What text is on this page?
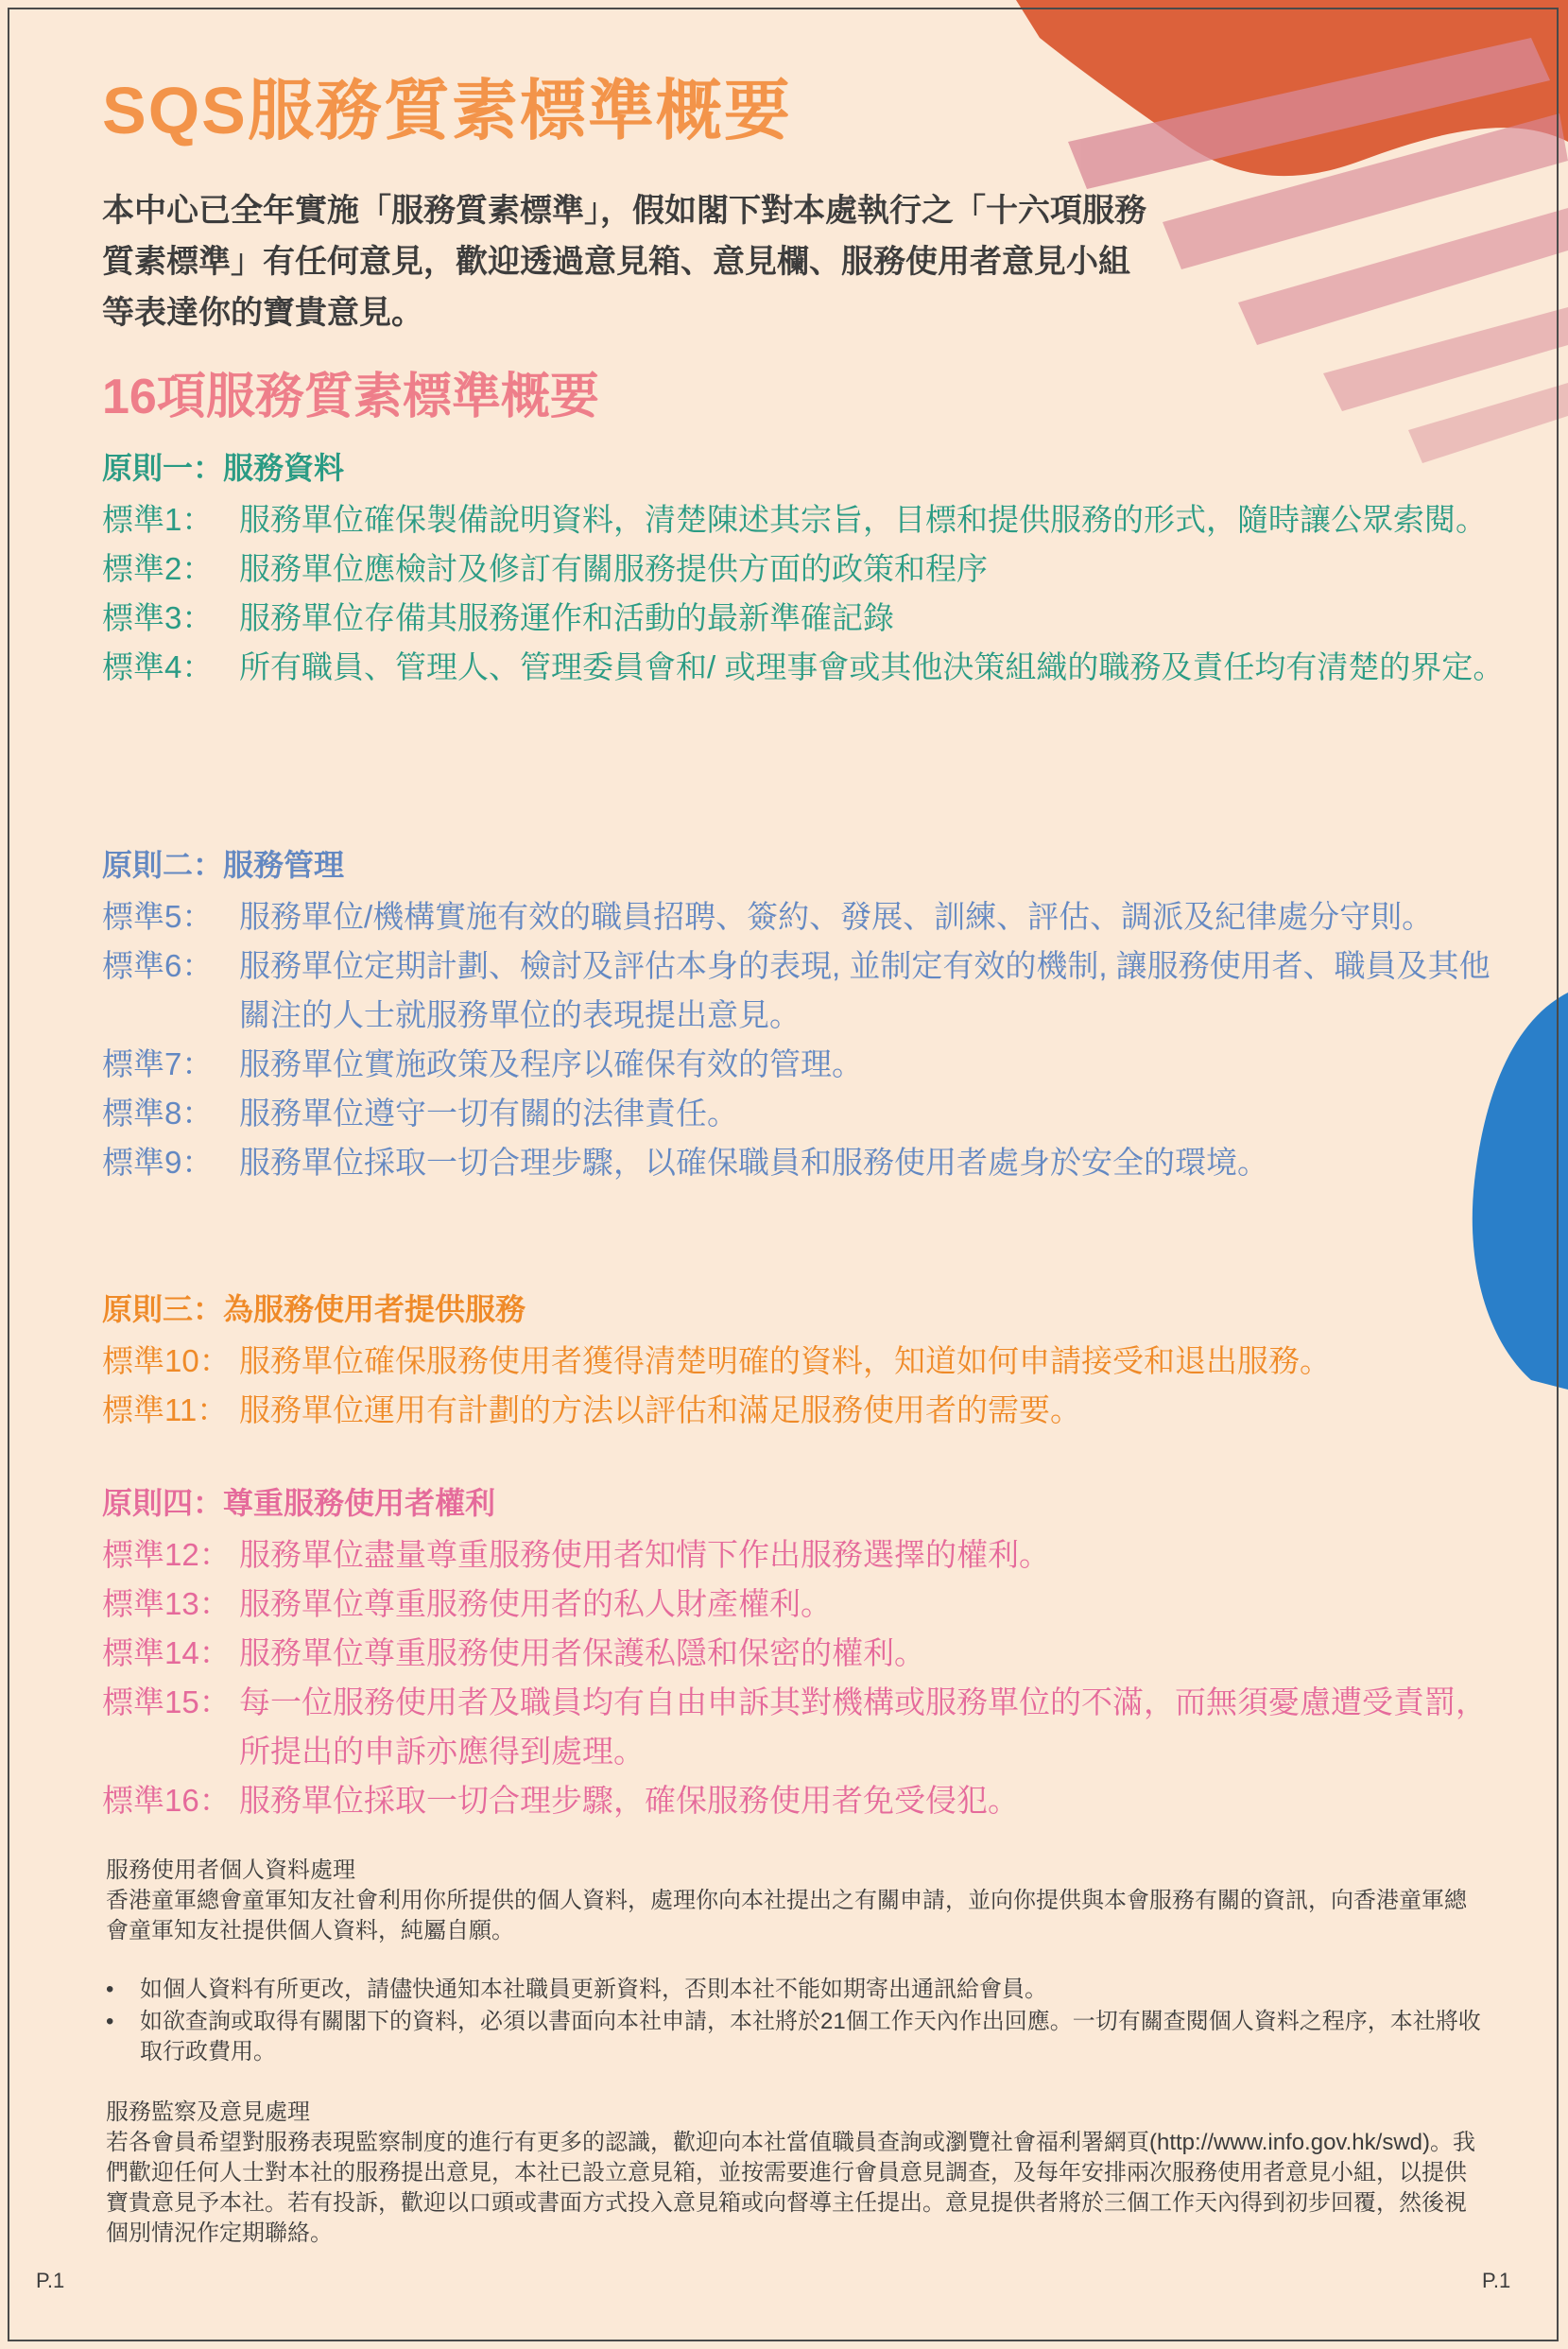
SQS服務質素標準概要

本中心已全年實施「服務質素標準」，假如閣下對本處執行之「十六項服務質素標準」有任何意見，歡迎透過意見箱、意見欄、服務使用者意見小組等表達你的寶貴意見。

16項服務質素標準概要

原則一：服務資料

標準1： 服務單位確保製備說明資料，清楚陳述其宗旨，目標和提供服務的形式，隨時讓公眾索閱。
標準2： 服務單位應檢討及修訂有關服務提供方面的政策和程序
標準3： 服務單位存備其服務運作和活動的最新準確記錄
標準4： 所有職員、管理人、管理委員會和/ 或理事會或其他決策組織的職務及責任均有清楚的界定。

原則二：服務管理

標準5： 服務單位/機構實施有效的職員招聘、簽約、發展、訓練、評估、調派及紀律處分守則。
標準6： 服務單位定期計劃、檢討及評估本身的表現, 並制定有效的機制, 讓服務使用者、職員及其他關注的人士就服務單位的表現提出意見。
標準7： 服務單位實施政策及程序以確保有效的管理。
標準8： 服務單位遵守一切有關的法律責任。
標準9： 服務單位採取一切合理步驟，以確保職員和服務使用者處身於安全的環境。

原則三：為服務使用者提供服務

標準10： 服務單位確保服務使用者獲得清楚明確的資料，知道如何申請接受和退出服務。
標準11： 服務單位運用有計劃的方法以評估和滿足服務使用者的需要。

原則四：尊重服務使用者權利

標準12： 服務單位盡量尊重服務使用者知情下作出服務選擇的權利。
標準13： 服務單位尊重服務使用者的私人財產權利。
標準14： 服務單位尊重服務使用者保護私隱和保密的權利。
標準15： 每一位服務使用者及職員均有自由申訴其對機構或服務單位的不滿，而無須憂慮遭受責罰，所提出的申訴亦應得到處理。
標準16： 服務單位採取一切合理步驟，確保服務使用者免受侵犯。

服務使用者個人資料處理

香港童軍總會童軍知友社會利用你所提供的個人資料，處理你向本社提出之有關申請，並向你提供與本會服務有關的資訊，向香港童軍總會童軍知友社提供個人資料，純屬自願。

• 如個人資料有所更改，請儘快通知本社職員更新資料，否則本社不能如期寄出通訊給會員。
• 如欲查詢或取得有關閣下的資料，必須以書面向本社申請，本社將於21個工作天內作出回應。一切有關查閱個人資料之程序，本社將收取行政費用。

服務監察及意見處理

若各會員希望對服務表現監察制度的進行有更多的認識，歡迎向本社當值職員查詢或瀏覽社會福利署網頁(http://www.info.gov.hk/swd)。我們歡迎任何人士對本社的服務提出意見，本社已設立意見箱，並按需要進行會員意見調查，及每年安排兩次服務使用者意見小組，以提供寶貴意見予本社。若有投訴，歡迎以口頭或書面方式投入意見箱或向督導主任提出。意見提供者將於三個工作天內得到初步回覆，然後視個別情況作定期聯絡。

P.1	P.1
